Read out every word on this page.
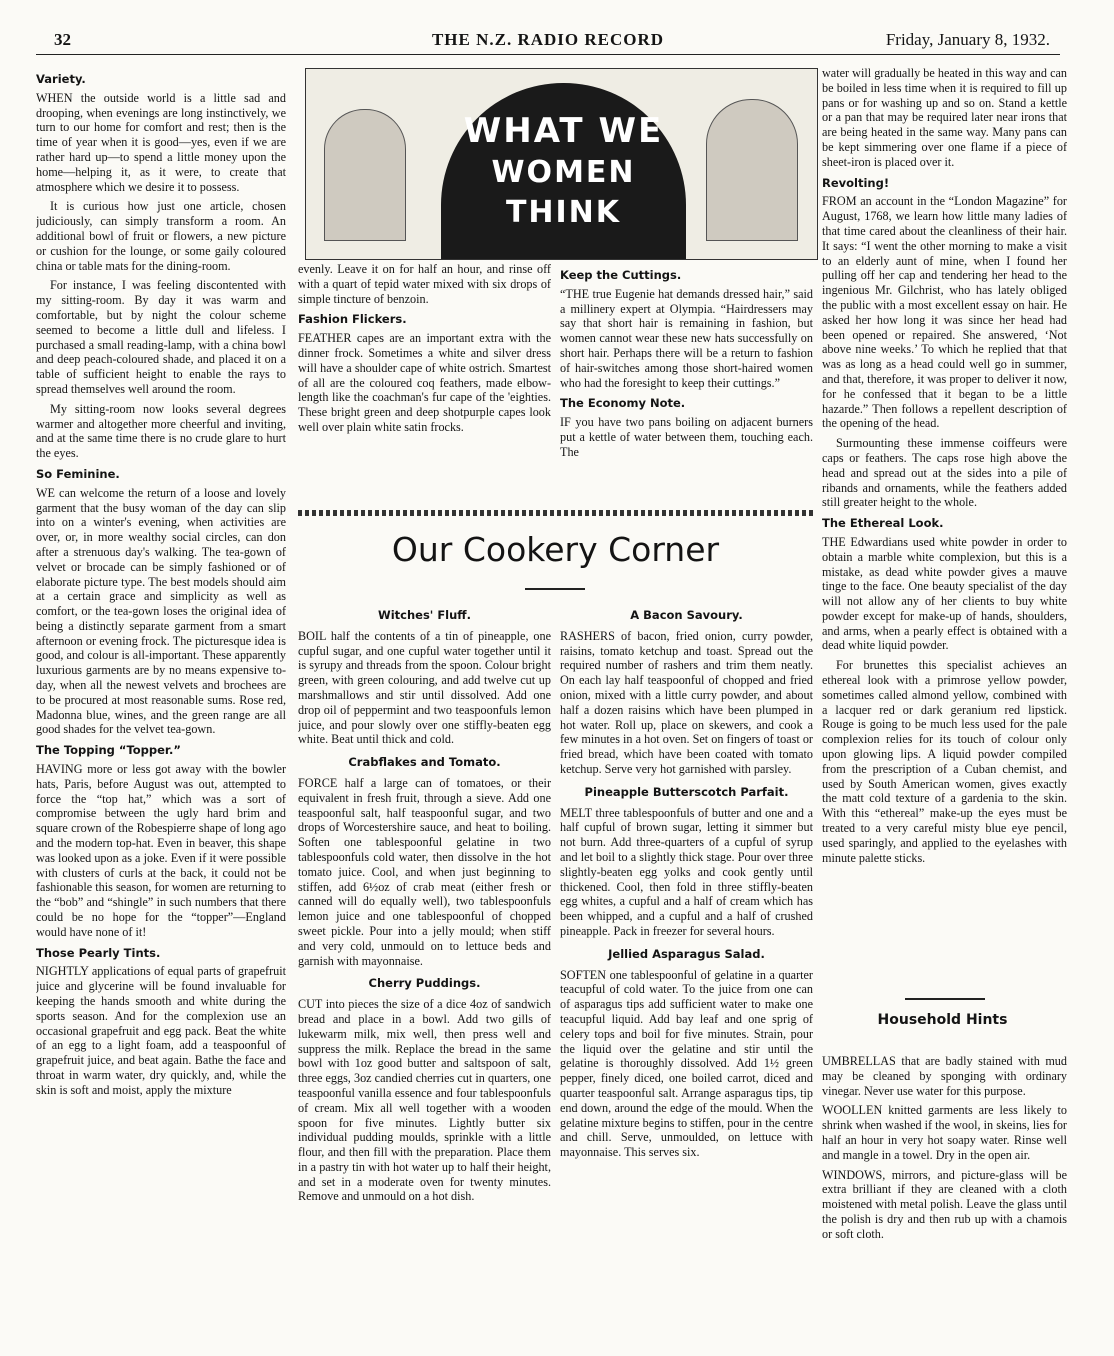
32	THE N.Z. RADIO RECORD	Friday, January 8, 1932.
Variety.

WHEN the outside world is a little sad and drooping, when evenings are long instinctively, we turn to our home for comfort and rest; then is the time of year when it is good—yes, even if we are rather hard up—to spend a little money upon the home—helping it, as it were, to create that atmosphere which we desire it to possess.

It is curious how just one article, chosen judiciously, can simply transform a room. An additional bowl of fruit or flowers, a new picture or cushion for the lounge, or some gaily coloured china or table mats for the dining-room.

For instance, I was feeling discontented with my sitting-room. By day it was warm and comfortable, but by night the colour scheme seemed to become a little dull and lifeless. I purchased a small reading-lamp, with a china bowl and deep peach-coloured shade, and placed it on a table of sufficient height to enable the rays to spread themselves well around the room.

My sitting-room now looks several degrees warmer and altogether more cheerful and inviting, and at the same time there is no crude glare to hurt the eyes.

So Feminine.

WE can welcome the return of a loose and lovely garment that the busy woman of the day can slip into on a winter's evening, when activities are over, or, in more wealthy social circles, can don after a strenuous day's walking. The tea-gown of velvet or brocade can be simply fashioned or of elaborate picture type. The best models should aim at a certain grace and simplicity as well as comfort, or the tea-gown loses the original idea of being a distinctly separate garment from a smart afternoon or evening frock. The picturesque idea is good, and colour is all-important. These apparently luxurious garments are by no means expensive to-day, when all the newest velvets and brochees are to be procured at most reasonable sums. Rose red, Madonna blue, wines, and the green range are all good shades for the velvet tea-gown.

The Topping “Topper.”

HAVING more or less got away with the bowler hats, Paris, before August was out, attempted to force the “top hat,” which was a sort of compromise between the ugly hard brim and square crown of the Robespierre shape of long ago and the modern top-hat. Even in beaver, this shape was looked upon as a joke. Even if it were possible with clusters of curls at the back, it could not be fashionable this season, for women are returning to the “bob” and “shingle” in such numbers that there could be no hope for the “topper”—England would have none of it!

Those Pearly Tints.

NIGHTLY applications of equal parts of grapefruit juice and glycerine will be found invaluable for keeping the hands smooth and white during the sports season. And for the complexion use an occasional grapefruit and egg pack. Beat the white of an egg to a light foam, add a teaspoonful of grapefruit juice, and beat again. Bathe the face and throat in warm water, dry quickly, and, while the skin is soft and moist, apply the mixture

WHAT WE
WOMEN
THINK

evenly. Leave it on for half an hour, and rinse off with a quart of tepid water mixed with six drops of simple tincture of benzoin.

Fashion Flickers.

FEATHER capes are an important extra with the dinner frock. Sometimes a white and silver dress will have a shoulder cape of white ostrich. Smartest of all are the coloured coq feathers, made elbow-length like the coachman's fur cape of the 'eighties. These bright green and deep shotpurple capes look well over plain white satin frocks.

Keep the Cuttings.

“THE true Eugenie hat demands dressed hair,” said a millinery expert at Olympia. “Hairdressers may say that short hair is remaining in fashion, but women cannot wear these new hats successfully on short hair. Perhaps there will be a return to fashion of hair-switches among those short-haired women who had the foresight to keep their cuttings.”

The Economy Note.

IF you have two pans boiling on adjacent burners put a kettle of water between them, touching each. The

Our Cookery Corner
Witches' Fluff.

BOIL half the contents of a tin of pineapple, one cupful sugar, and one cupful water together until it is syrupy and threads from the spoon. Colour bright green, with green colouring, and add twelve cut up marshmallows and stir until dissolved. Add one drop oil of peppermint and two teaspoonfuls lemon juice, and pour slowly over one stiffly-beaten egg white. Beat until thick and cold.

Crabflakes and Tomato.

FORCE half a large can of tomatoes, or their equivalent in fresh fruit, through a sieve. Add one teaspoonful salt, half teaspoonful sugar, and two drops of Worcestershire sauce, and heat to boiling. Soften one tablespoonful gelatine in two tablespoonfuls cold water, then dissolve in the hot tomato juice. Cool, and when just beginning to stiffen, add 6½oz of crab meat (either fresh or canned will do equally well), two tablespoonfuls lemon juice and one tablespoonful of chopped sweet pickle. Pour into a jelly mould; when stiff and very cold, unmould on to lettuce beds and garnish with mayonnaise.

Cherry Puddings.

CUT into pieces the size of a dice 4oz of sandwich bread and place in a bowl. Add two gills of lukewarm milk, mix well, then press well and suppress the milk. Replace the bread in the same bowl with 1oz good butter and saltspoon of salt, three eggs, 3oz candied cherries cut in quarters, one teaspoonful vanilla essence and four tablespoonfuls of cream. Mix all well together with a wooden spoon for five minutes. Lightly butter six individual pudding moulds, sprinkle with a little flour, and then fill with the preparation. Place them in a pastry tin with hot water up to half their height, and set in a moderate oven for twenty minutes. Remove and unmould on a hot dish.

A Bacon Savoury.

RASHERS of bacon, fried onion, curry powder, raisins, tomato ketchup and toast. Spread out the required number of rashers and trim them neatly. On each lay half teaspoonful of chopped and fried onion, mixed with a little curry powder, and about half a dozen raisins which have been plumped in hot water. Roll up, place on skewers, and cook a few minutes in a hot oven. Set on fingers of toast or fried bread, which have been coated with tomato ketchup. Serve very hot garnished with parsley.

Pineapple Butterscotch Parfait.

MELT three tablespoonfuls of butter and one and a half cupful of brown sugar, letting it simmer but not burn. Add three-quarters of a cupful of syrup and let boil to a slightly thick stage. Pour over three slightly-beaten egg yolks and cook gently until thickened. Cool, then fold in three stiffly-beaten egg whites, a cupful and a half of cream which has been whipped, and a cupful and a half of crushed pineapple. Pack in freezer for several hours.

Jellied Asparagus Salad.

SOFTEN one tablespoonful of gelatine in a quarter teacupful of cold water. To the juice from one can of asparagus tips add sufficient water to make one teacupful liquid. Add bay leaf and one sprig of celery tops and boil for five minutes. Strain, pour the liquid over the gelatine and stir until the gelatine is thoroughly dissolved. Add 1½ green pepper, finely diced, one boiled carrot, diced and quarter teaspoonful salt. Arrange asparagus tips, tip end down, around the edge of the mould. When the gelatine mixture begins to stiffen, pour in the centre and chill. Serve, unmoulded, on lettuce with mayonnaise. This serves six.

water will gradually be heated in this way and can be boiled in less time when it is required to fill up pans or for washing up and so on. Stand a kettle or a pan that may be required later near irons that are being heated in the same way. Many pans can be kept simmering over one flame if a piece of sheet-iron is placed over it.

Revolting!

FROM an account in the “London Magazine” for August, 1768, we learn how little many ladies of that time cared about the cleanliness of their hair. It says: “I went the other morning to make a visit to an elderly aunt of mine, when I found her pulling off her cap and tendering her head to the ingenious Mr. Gilchrist, who has lately obliged the public with a most excellent essay on hair. He asked her how long it was since her head had been opened or repaired. She answered, ‘Not above nine weeks.’ To which he replied that that was as long as a head could well go in summer, and that, therefore, it was proper to deliver it now, for he confessed that it began to be a little hazarde.” Then follows a repellent description of the opening of the head.

Surmounting these immense coiffeurs were caps or feathers. The caps rose high above the head and spread out at the sides into a pile of ribands and ornaments, while the feathers added still greater height to the whole.

The Ethereal Look.

THE Edwardians used white powder in order to obtain a marble white complexion, but this is a mistake, as dead white powder gives a mauve tinge to the face. One beauty specialist of the day will not allow any of her clients to buy white powder except for make-up of hands, shoulders, and arms, when a pearly effect is obtained with a dead white liquid powder.

For brunettes this specialist achieves an ethereal look with a primrose yellow powder, sometimes called almond yellow, combined with a lacquer red or dark geranium red lipstick. Rouge is going to be much less used for the pale complexion relies for its touch of colour only upon glowing lips. A liquid powder compiled from the prescription of a Cuban chemist, and used by South American women, gives exactly the matt cold texture of a gardenia to the skin. With this “ethereal” make-up the eyes must be treated to a very careful misty blue eye pencil, used sparingly, and applied to the eyelashes with minute palette sticks.

Household Hints

UMBRELLAS that are badly stained with mud may be cleaned by sponging with ordinary vinegar. Never use water for this purpose.

WOOLLEN knitted garments are less likely to shrink when washed if the wool, in skeins, lies for half an hour in very hot soapy water. Rinse well and mangle in a towel. Dry in the open air.

WINDOWS, mirrors, and picture-glass will be extra brilliant if they are cleaned with a cloth moistened with metal polish. Leave the glass until the polish is dry and then rub up with a chamois or soft cloth.
